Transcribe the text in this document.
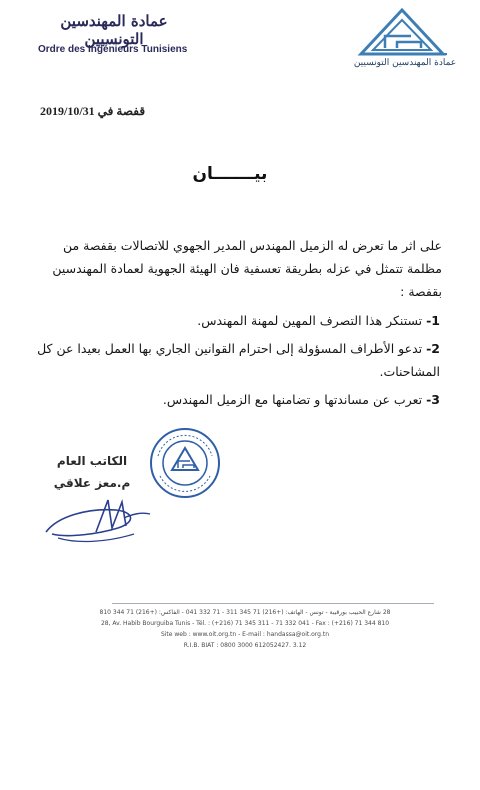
عمادة المهندسين التونسيين
Ordre des Ingénieurs Tunisiens
عمادة المهندسين التونسيين
قفصة في 2019/10/31
بيـــــــان
على اثر ما تعرض له الزميل المهندس المدير الجهوي للاتصالات بقفصة من مظلمة تتمثل في عزله بطريقة تعسفية فان الهيئة الجهوية لعمادة المهندسين بقفصة :
1- تستنكر هذا التصرف المهين لمهنة المهندس.
2- تدعو الأطراف المسؤولة إلى احترام القوانين الجاري بها العمل بعيدا عن كل المشاحنات.
3- تعرب عن مساندتها و تضامنها مع الزميل المهندس.
الكاتب العام
م.معز علاقي
28 شارع الحبيب بورقيبة - تونس - الهاتف: (+216) 71 345 311 - 71 332 041 - الفاكس: (+216) 71 344 810
28, Av. Habib Bourguiba Tunis - Tél. : (+216) 71 345 311 - 71 332 041 - Fax : (+216) 71 344 810
Site web : www.oit.org.tn - E-mail : handassa@oit.org.tn
R.I.B. BIAT : 0800 3000 612052427. 3.12
